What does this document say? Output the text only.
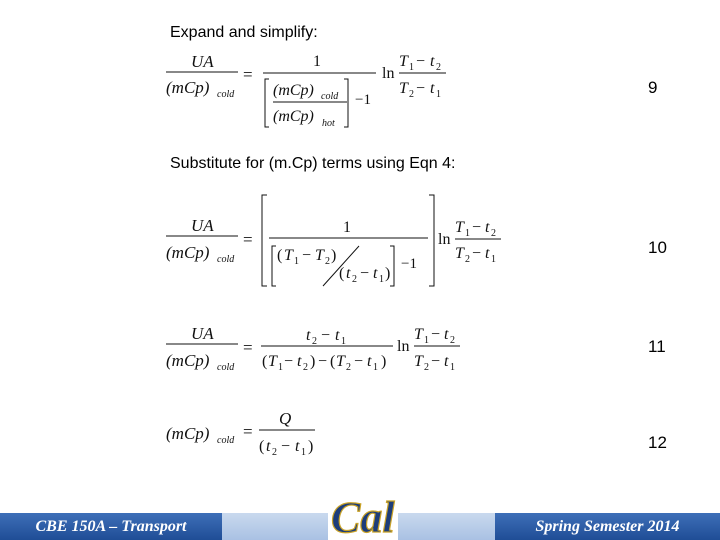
Expand and simplify:
UA
(mCp) cold
=
1
(mCp) cold
(mCp) hot
−1
ln
T 1 − t 2
T 2 − t 1	9
Substitute for (m.Cp) terms using Eqn 4:
UA
(mCp) cold
=
1
( T 1 − T 2 )
( t 2 − t 1 )
−1
ln
T 1 − t 2
T 2 − t 1
10
UA
(mCp) cold
=
t 2 − t 1
( T 1 − t 2 ) − ( T 2 − t 1 )
ln
T 1 − t 2
T 2 − t 1
11
(mCp) cold =
Q
( t 2 − t 1 )	12
CBE 150A – Transport	Spring Semester 2014
Cal
